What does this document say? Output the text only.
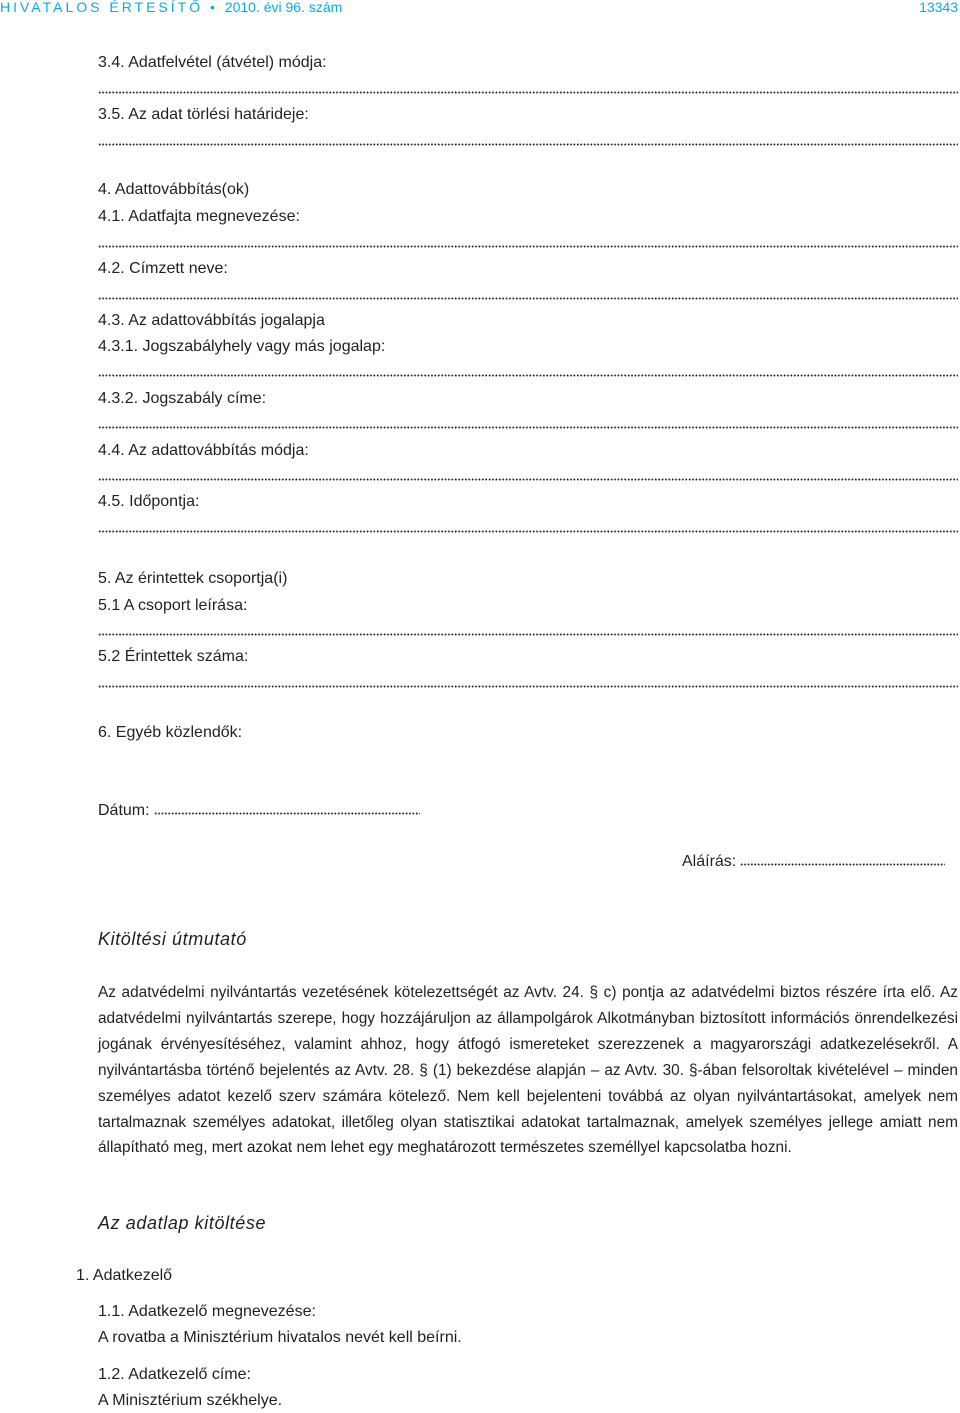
HIVATALOS ÉRTESÍTŐ • 2010. évi 96. szám	13343
3.4. Adatfelvétel (átvétel) módja:
3.5. Az adat törlési határideje:
4. Adattovábbítás(ok)
4.1. Adatfajta megnevezése:
4.2. Címzett neve:
4.3. Az adattovábbítás jogalapja
4.3.1. Jogszabályhely vagy más jogalap:
4.3.2. Jogszabály címe:
4.4. Az adattovábbítás módja:
4.5. Időpontja:
5. Az érintettek csoportja(i)
5.1 A csoport leírása:
5.2 Érintettek száma:
6. Egyéb közlendők:
Dátum:
Aláírás:
Kitöltési útmutató
Az adatvédelmi nyilvántartás vezetésének kötelezettségét az Avtv. 24. § c) pontja az adatvédelmi biztos részére írta elő. Az adatvédelmi nyilvántartás szerepe, hogy hozzájáruljon az állampolgárok Alkotmányban biztosított információs önrendelkezési jogának érvényesítéséhez, valamint ahhoz, hogy átfogó ismereteket szerezzenek a magyarországi adatkezelésekről. A nyilvántartásba történő bejelentés az Avtv. 28. § (1) bekezdése alapján – az Avtv. 30. §-ában felsoroltak kivételével – minden személyes adatot kezelő szerv számára kötelező. Nem kell bejelenteni továbbá az olyan nyilvántartásokat, amelyek nem tartalmaznak személyes adatokat, illetőleg olyan statisztikai adatokat tartalmaznak, amelyek személyes jellege amiatt nem állapítható meg, mert azokat nem lehet egy meghatározott természetes személlyel kapcsolatba hozni.
Az adatlap kitöltése
1. Adatkezelő
1.1. Adatkezelő megnevezése:
A rovatba a Minisztérium hivatalos nevét kell beírni.
1.2. Adatkezelő címe:
A Minisztérium székhelye.
